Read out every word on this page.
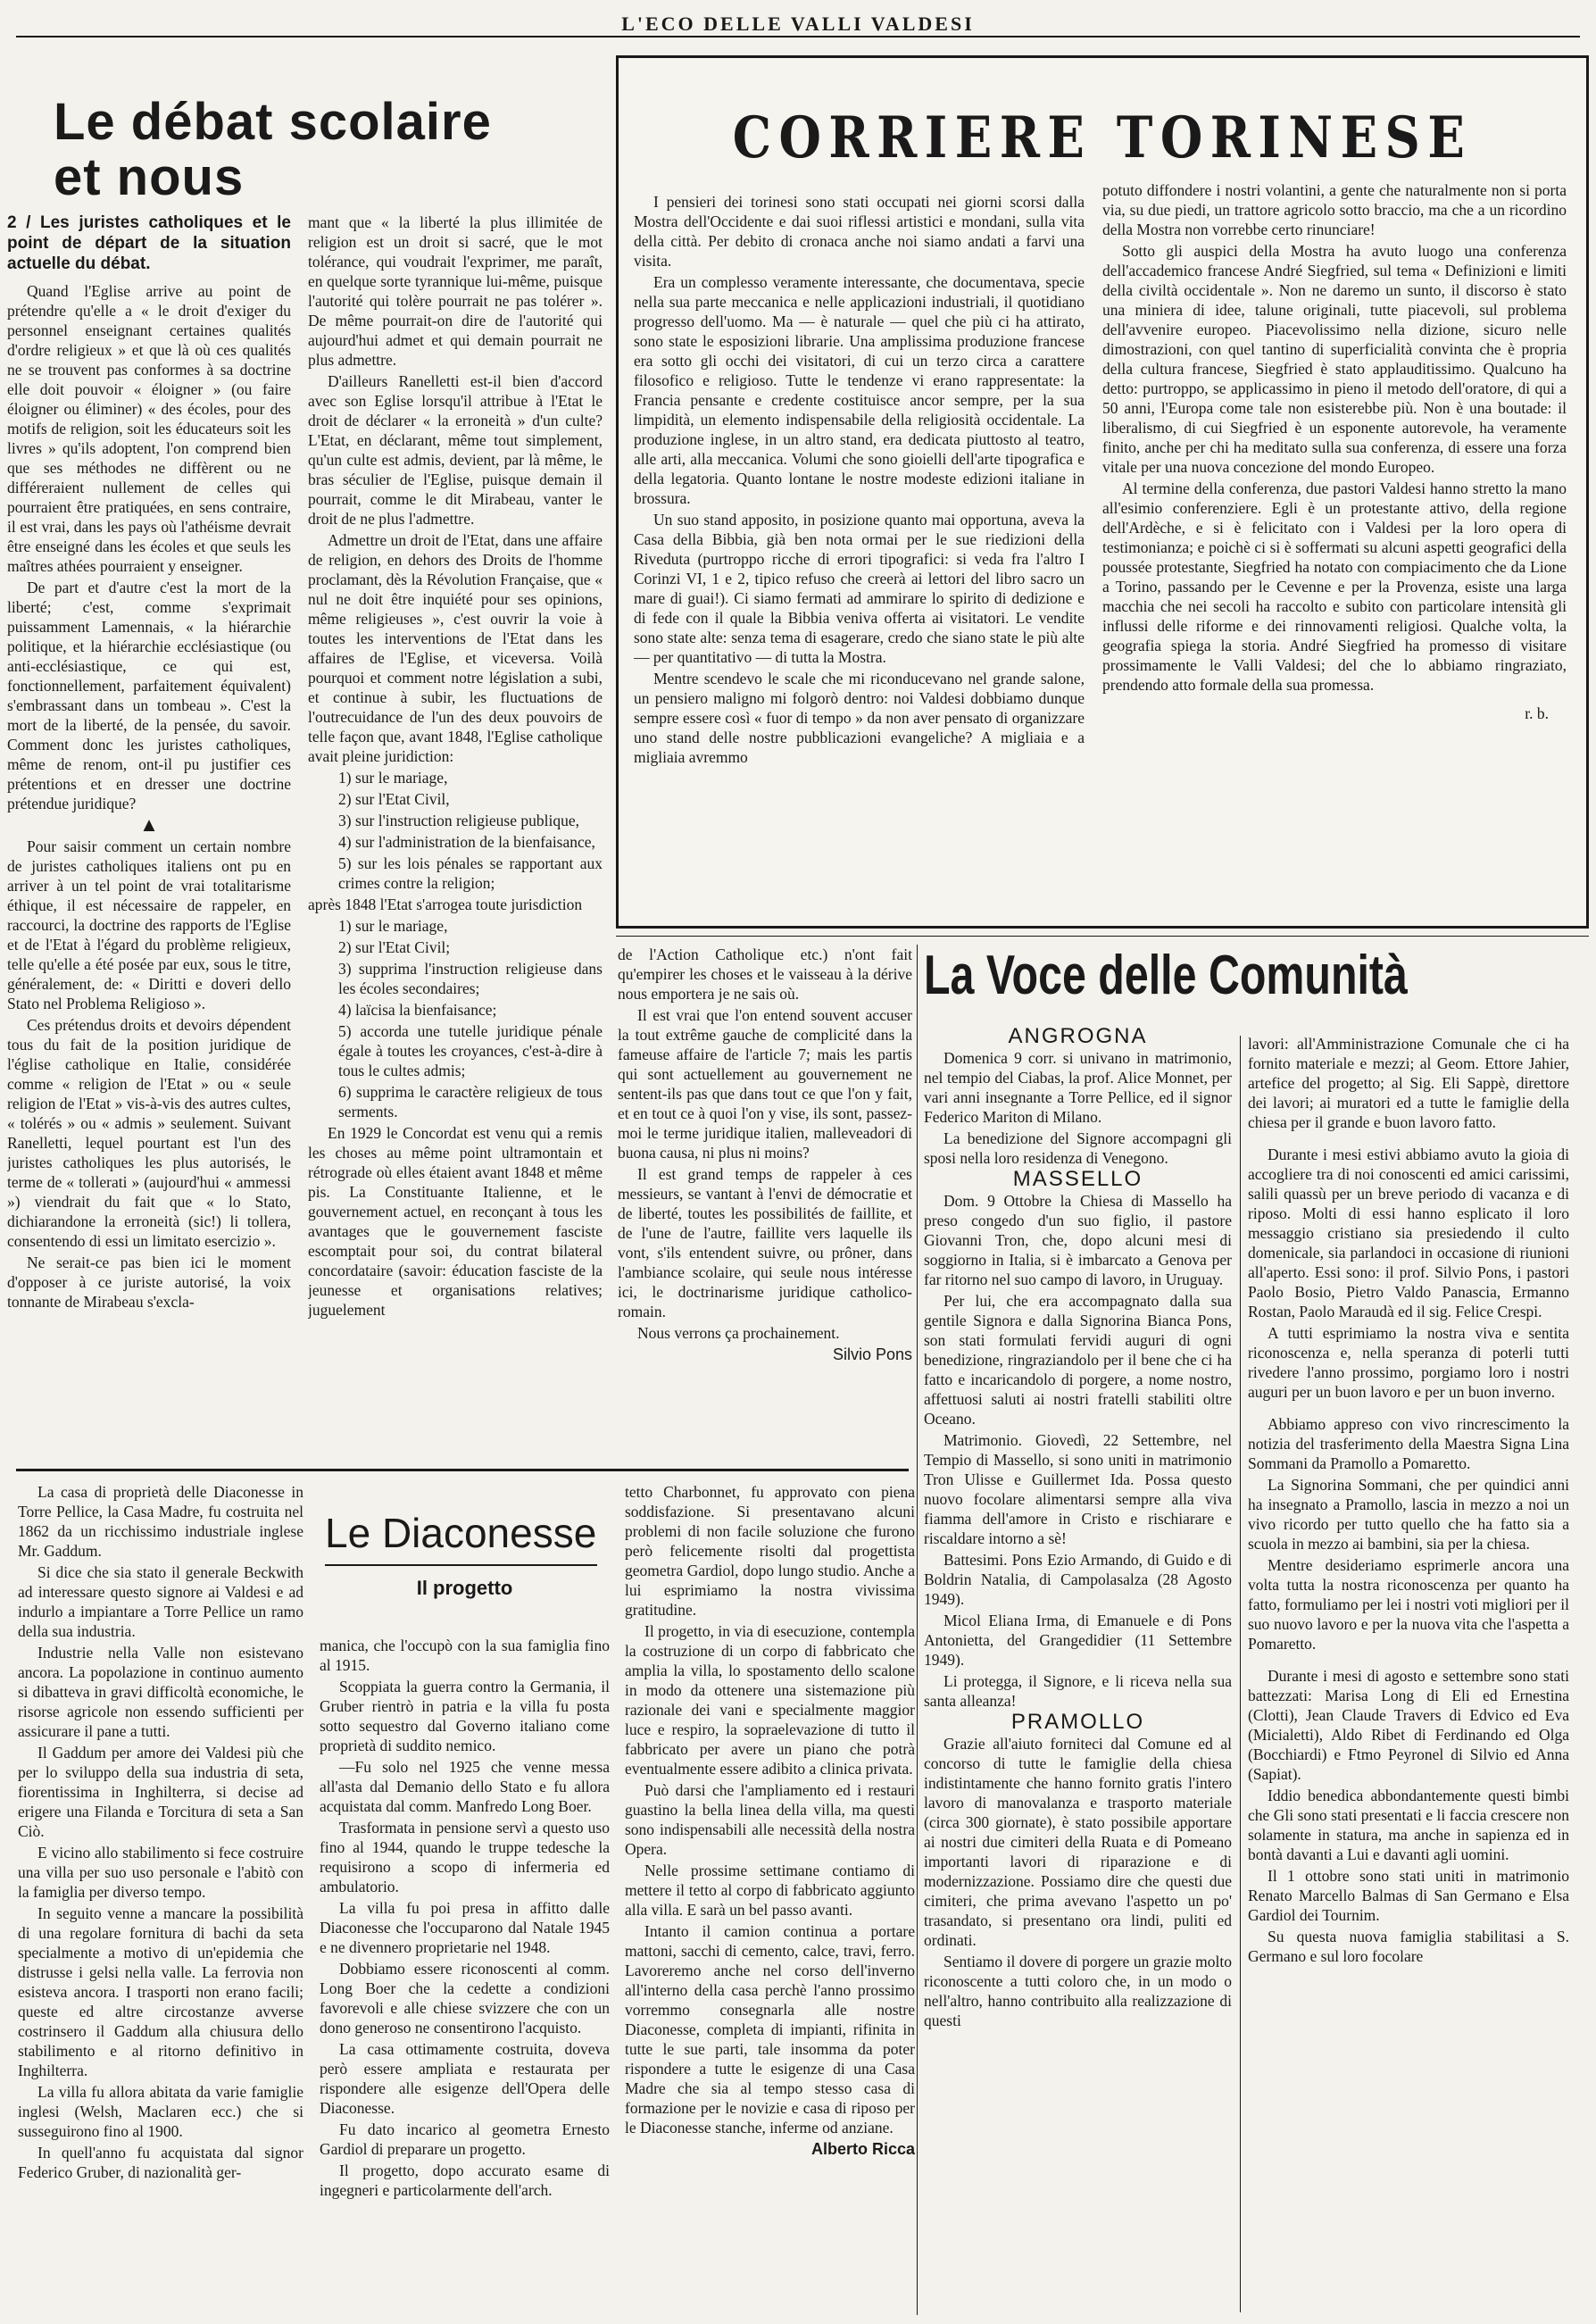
L'ECO DELLE VALLI VALDESI
Le débat scolaire
et nous

2 / Les juristes catholiques et le point de départ de la situation actuelle du débat.

Quand l'Eglise arrive au point de prétendre qu'elle a « le droit d'exiger du personnel enseignant certaines qualités d'ordre religieux » et que là où ces qualités ne se trouvent pas conformes à sa doctrine elle doit pouvoir « éloigner » (ou faire éloigner ou éliminer) « des écoles, pour des motifs de religion, soit les éducateurs soit les livres » qu'ils adoptent, l'on comprend bien que ses méthodes ne diffèrent ou ne différeraient nullement de celles qui pourraient être pratiquées, en sens contraire, il est vrai, dans les pays où l'athéisme devrait être enseigné dans les écoles et que seuls les maîtres athées pourraient y enseigner.

De part et d'autre c'est la mort de la liberté; c'est, comme s'exprimait puissamment Lamennais, « la hiérarchie politique, et la hiérarchie ecclésiastique (ou anti-ecclésiastique, ce qui est, fonctionnellement, parfaitement équivalent) s'embrassant dans un tombeau ». C'est la mort de la liberté, de la pensée, du savoir. Comment donc les juristes catholiques, même de renom, ont-il pu justifier ces prétentions et en dresser une doctrine prétendue juridique?

▲

Pour saisir comment un certain nombre de juristes catholiques italiens ont pu en arriver à un tel point de vrai totalitarisme éthique, il est nécessaire de rappeler, en raccourci, la doctrine des rapports de l'Eglise et de l'Etat à l'égard du problème religieux, telle qu'elle a été posée par eux, sous le titre, généralement, de: « Diritti e doveri dello Stato nel Problema Religioso ».

Ces prétendus droits et devoirs dépendent tous du fait de la position juridique de l'église catholique en Italie, considérée comme « religion de l'Etat » ou « seule religion de l'Etat » vis-à-vis des autres cultes, « tolérés » ou « admis » seulement. Suivant Ranelletti, lequel pourtant est l'un des juristes catholiques les plus autorisés, le terme de « tollerati » (aujourd'hui « ammessi ») viendrait du fait que « lo Stato, dichiarandone la erroneità (sic!) li tollera, consentendo di essi un limitato esercizio ».

Ne serait-ce pas bien ici le moment d'opposer à ce juriste autorisé, la voix tonnante de Mirabeau s'excla-

mant que « la liberté la plus illimitée de religion est un droit si sacré, que le mot tolérance, qui voudrait l'exprimer, me paraît, en quelque sorte tyrannique lui-même, puisque l'autorité qui tolère pourrait ne pas tolérer ». De même pourrait-on dire de l'autorité qui aujourd'hui admet et qui demain pourrait ne plus admettre.

D'ailleurs Ranelletti est-il bien d'accord avec son Eglise lorsqu'il attribue à l'Etat le droit de déclarer « la erroneità » d'un culte? L'Etat, en déclarant, même tout simplement, qu'un culte est admis, devient, par là même, le bras séculier de l'Eglise, puisque demain il pourrait, comme le dit Mirabeau, vanter le droit de ne plus l'admettre.

Admettre un droit de l'Etat, dans une affaire de religion, en dehors des Droits de l'homme proclamant, dès la Révolution Française, que « nul ne doit être inquiété pour ses opinions, même religieuses », c'est ouvrir la voie à toutes les interventions de l'Etat dans les affaires de l'Eglise, et viceversa. Voilà pourquoi et comment notre législation a subi, et continue à subir, les fluctuations de l'outrecuidance de l'un des deux pouvoirs de telle façon que, avant 1848, l'Eglise catholique avait pleine juridiction:

1) sur le mariage,

2) sur l'Etat Civil,

3) sur l'instruction religieuse publique,

4) sur l'administration de la bienfaisance,

5) sur les lois pénales se rapportant aux crimes contre la religion;

après 1848 l'Etat s'arrogea toute jurisdiction

1) sur le mariage,

2) sur l'Etat Civil;

3) supprima l'instruction religieuse dans les écoles secondaires;

4) laïcisa la bienfaisance;

5) accorda une tutelle juridique pénale égale à toutes les croyances, c'est-à-dire à tous le cultes admis;

6) supprima le caractère religieux de tous serments.

En 1929 le Concordat est venu qui a remis les choses au même point ultramontain et rétrograde où elles étaient avant 1848 et même pis. La Constituante Italienne, et le gouvernement actuel, en reconçant à tous les avantages que le gouvernement fasciste escomptait pour soi, du contrat bilateral concordataire (savoir: éducation fasciste de la jeunesse et organisations relatives; juguelement

de l'Action Catholique etc.) n'ont fait qu'empirer les choses et le vaisseau à la dérive nous emportera je ne sais où.

Il est vrai que l'on entend souvent accuser la tout extrême gauche de complicité dans la fameuse affaire de l'article 7; mais les partis qui sont actuellement au gouvernement ne sentent-ils pas que dans tout ce que l'on y fait, et en tout ce à quoi l'on y vise, ils sont, passez-moi le terme juridique italien, malleveadori di buona causa, ni plus ni moins?

Il est grand temps de rappeler à ces messieurs, se vantant à l'envi de démocratie et de liberté, toutes les possibilités de faillite, et de l'une de l'autre, faillite vers laquelle ils vont, s'ils entendent suivre, ou prôner, dans l'ambiance scolaire, qui seule nous intéresse ici, le doctrinarisme juridique catholico-romain.

Nous verrons ça prochainement.

Silvio Pons

CORRIERE TORINESE

I pensieri dei torinesi sono stati occupati nei giorni scorsi dalla Mostra dell'Occidente e dai suoi riflessi artistici e mondani, sulla vita della città. Per debito di cronaca anche noi siamo andati a farvi una visita.

Era un complesso veramente interessante, che documentava, specie nella sua parte meccanica e nelle applicazioni industriali, il quotidiano progresso dell'uomo. Ma — è naturale — quel che più ci ha attirato, sono state le esposizioni librarie. Una amplissima produzione francese era sotto gli occhi dei visitatori, di cui un terzo circa a carattere filosofico e religioso. Tutte le tendenze vi erano rappresentate: la Francia pensante e credente costituisce ancor sempre, per la sua limpidità, un elemento indispensabile della religiosità occidentale. La produzione inglese, in un altro stand, era dedicata piuttosto al teatro, alle arti, alla meccanica. Volumi che sono gioielli dell'arte tipografica e della legatoria. Quanto lontane le nostre modeste edizioni italiane in brossura.

Un suo stand apposito, in posizione quanto mai opportuna, aveva la Casa della Bibbia, già ben nota ormai per le sue riedizioni della Riveduta (purtroppo ricche di errori tipografici: si veda fra l'altro I Corinzi VI, 1 e 2, tipico refuso che creerà ai lettori del libro sacro un mare di guai!). Ci siamo fermati ad ammirare lo spirito di dedizione e di fede con il quale la Bibbia veniva offerta ai visitatori. Le vendite sono state alte: senza tema di esagerare, credo che siano state le più alte — per quantitativo — di tutta la Mostra.

Mentre scendevo le scale che mi riconducevano nel grande salone, un pensiero maligno mi folgorò dentro: noi Valdesi dobbiamo dunque sempre essere così « fuor di tempo » da non aver pensato di organizzare uno stand delle nostre pubblicazioni evangeliche? A migliaia e a migliaia avremmo

potuto diffondere i nostri volantini, a gente che naturalmente non si porta via, su due piedi, un trattore agricolo sotto braccio, ma che a un ricordino della Mostra non vorrebbe certo rinunciare!

Sotto gli auspici della Mostra ha avuto luogo una conferenza dell'accademico francese André Siegfried, sul tema « Definizioni e limiti della civiltà occidentale ». Non ne daremo un sunto, il discorso è stato una miniera di idee, talune originali, tutte piacevoli, sul problema dell'avvenire europeo. Piacevolissimo nella dizione, sicuro nelle dimostrazioni, con quel tantino di superficialità convinta che è propria della cultura francese, Siegfried è stato applauditissimo. Qualcuno ha detto: purtroppo, se applicassimo in pieno il metodo dell'oratore, di qui a 50 anni, l'Europa come tale non esisterebbe più. Non è una boutade: il liberalismo, di cui Siegfried è un esponente autorevole, ha veramente finito, anche per chi ha meditato sulla sua conferenza, di essere una forza vitale per una nuova concezione del mondo Europeo.

Al termine della conferenza, due pastori Valdesi hanno stretto la mano all'esimio conferenziere. Egli è un protestante attivo, della regione dell'Ardèche, e si è felicitato con i Valdesi per la loro opera di testimonianza; e poichè ci si è soffermati su alcuni aspetti geografici della poussée protestante, Siegfried ha notato con compiacimento che da Lione a Torino, passando per le Cevenne e per la Provenza, esiste una larga macchia che nei secoli ha raccolto e subito con particolare intensità gli influssi delle riforme e dei rinnovamenti religiosi. Qualche volta, la geografia spiega la storia. André Siegfried ha promesso di visitare prossimamente le Valli Valdesi; del che lo abbiamo ringraziato, prendendo atto formale della sua promessa.

r. b.

La Voce delle Comunità

ANGROGNA

Domenica 9 corr. si univano in matrimonio, nel tempio del Ciabas, la prof. Alice Monnet, per vari anni insegnante a Torre Pellice, ed il signor Federico Mariton di Milano.

La benedizione del Signore accompagni gli sposi nella loro residenza di Venegono.

MASSELLO

Dom. 9 Ottobre la Chiesa di Massello ha preso congedo d'un suo figlio, il pastore Giovanni Tron, che, dopo alcuni mesi di soggiorno in Italia, si è imbarcato a Genova per far ritorno nel suo campo di lavoro, in Uruguay.

Per lui, che era accompagnato dalla sua gentile Signora e dalla Signorina Bianca Pons, son stati formulati fervidi auguri di ogni benedizione, ringraziandolo per il bene che ci ha fatto e incaricandolo di porgere, a nome nostro, affettuosi saluti ai nostri fratelli stabiliti oltre Oceano.

Matrimonio. Giovedì, 22 Settembre, nel Tempio di Massello, si sono uniti in matrimonio Tron Ulisse e Guillermet Ida. Possa questo nuovo focolare alimentarsi sempre alla viva fiamma dell'amore in Cristo e rischiarare e riscaldare intorno a sè!

Battesimi. Pons Ezio Armando, di Guido e di Boldrin Natalia, di Campolasalza (28 Agosto 1949).

Micol Eliana Irma, di Emanuele e di Pons Antonietta, del Grangedidier (11 Settembre 1949).

Li protegga, il Signore, e li riceva nella sua santa alleanza!

PRAMOLLO

Grazie all'aiuto forniteci dal Comune ed al concorso di tutte le famiglie della chiesa indistintamente che hanno fornito gratis l'intero lavoro di manovalanza e trasporto materiale (circa 300 giornate), è stato possibile apportare ai nostri due cimiteri della Ruata e di Pomeano importanti lavori di riparazione e di modernizzazione. Possiamo dire che questi due cimiteri, che prima avevano l'aspetto un po' trasandato, si presentano ora lindi, puliti ed ordinati.

Sentiamo il dovere di porgere un grazie molto riconoscente a tutti coloro che, in un modo o nell'altro, hanno contribuito alla realizzazione di questi

lavori: all'Amministrazione Comunale che ci ha fornito materiale e mezzi; al Geom. Ettore Jahier, artefice del progetto; al Sig. Eli Sappè, direttore dei lavori; ai muratori ed a tutte le famiglie della chiesa per il grande e buon lavoro fatto.

Durante i mesi estivi abbiamo avuto la gioia di accogliere tra di noi conoscenti ed amici carissimi, salili quassù per un breve periodo di vacanza e di riposo. Molti di essi hanno esplicato il loro messaggio cristiano sia presiedendo il culto domenicale, sia parlandoci in occasione di riunioni all'aperto. Essi sono: il prof. Silvio Pons, i pastori Paolo Bosio, Pietro Valdo Panascia, Ermanno Rostan, Paolo Maraudà ed il sig. Felice Crespi.

A tutti esprimiamo la nostra viva e sentita riconoscenza e, nella speranza di poterli tutti rivedere l'anno prossimo, porgiamo loro i nostri auguri per un buon lavoro e per un buon inverno.

Abbiamo appreso con vivo rincrescimento la notizia del trasferimento della Maestra Signa Lina Sommani da Pramollo a Pomaretto.

La Signorina Sommani, che per quindici anni ha insegnato a Pramollo, lascia in mezzo a noi un vivo ricordo per tutto quello che ha fatto sia a scuola in mezzo ai bambini, sia per la chiesa.

Mentre desideriamo esprimerle ancora una volta tutta la nostra riconoscenza per quanto ha fatto, formuliamo per lei i nostri voti migliori per il suo nuovo lavoro e per la nuova vita che l'aspetta a Pomaretto.

Durante i mesi di agosto e settembre sono stati battezzati: Marisa Long di Eli ed Ernestina (Clotti), Jean Claude Travers di Edvico ed Eva (Micialetti), Aldo Ribet di Ferdinando ed Olga (Bocchiardi) e Ftmo Peyronel di Silvio ed Anna (Sapiat).

Iddio benedica abbondantemente questi bimbi che Gli sono stati presentati e li faccia crescere non solamente in statura, ma anche in sapienza ed in bontà davanti a Lui e davanti agli uomini.

Il 1 ottobre sono stati uniti in matrimonio Renato Marcello Balmas di San Germano e Elsa Gardiol dei Tournim.

Su questa nuova famiglia stabilitasi a S. Germano e sul loro focolare

La casa di proprietà delle Diaconesse in Torre Pellice, la Casa Madre, fu costruita nel 1862 da un ricchissimo industriale inglese Mr. Gaddum.

Si dice che sia stato il generale Beckwith ad interessare questo signore ai Valdesi e ad indurlo a impiantare a Torre Pellice un ramo della sua industria.

Industrie nella Valle non esistevano ancora. La popolazione in continuo aumento si dibatteva in gravi difficoltà economiche, le risorse agricole non essendo sufficienti per assicurare il pane a tutti.

Il Gaddum per amore dei Valdesi più che per lo sviluppo della sua industria di seta, fiorentissima in Inghilterra, si decise ad erigere una Filanda e Torcitura di seta a San Ciò.

E vicino allo stabilimento si fece costruire una villa per suo uso personale e l'abitò con la famiglia per diverso tempo.

In seguito venne a mancare la possibilità di una regolare fornitura di bachi da seta specialmente a motivo di un'epidemia che distrusse i gelsi nella valle. La ferrovia non esisteva ancora. I trasporti non erano facili; queste ed altre circostanze avverse costrinsero il Gaddum alla chiusura dello stabilimento e al ritorno definitivo in Inghilterra.

La villa fu allora abitata da varie famiglie inglesi (Welsh, Maclaren ecc.) che si susseguirono fino al 1900.

In quell'anno fu acquistata dal signor Federico Gruber, di nazionalità ger-

Le Diaconesse
Il progetto

manica, che l'occupò con la sua famiglia fino al 1915.

Scoppiata la guerra contro la Germania, il Gruber rientrò in patria e la villa fu posta sotto sequestro dal Governo italiano come proprietà di suddito nemico.

—Fu solo nel 1925 che venne messa all'asta dal Demanio dello Stato e fu allora acquistata dal comm. Manfredo Long Boer.

Trasformata in pensione servì a questo uso fino al 1944, quando le truppe tedesche la requisirono a scopo di infermeria ed ambulatorio.

La villa fu poi presa in affitto dalle Diaconesse che l'occuparono dal Natale 1945 e ne divennero proprietarie nel 1948.

Dobbiamo essere riconoscenti al comm. Long Boer che la cedette a condizioni favorevoli e alle chiese svizzere che con un dono generoso ne consentirono l'acquisto.

La casa ottimamente costruita, doveva però essere ampliata e restaurata per rispondere alle esigenze dell'Opera delle Diaconesse.

Fu dato incarico al geometra Ernesto Gardiol di preparare un progetto.

Il progetto, dopo accurato esame di ingegneri e particolarmente dell'arch.

tetto Charbonnet, fu approvato con piena soddisfazione. Si presentavano alcuni problemi di non facile soluzione che furono però felicemente risolti dal progettista geometra Gardiol, dopo lungo studio. Anche a lui esprimiamo la nostra vivissima gratitudine.

Il progetto, in via di esecuzione, contempla la costruzione di un corpo di fabbricato che amplia la villa, lo spostamento dello scalone in modo da ottenere una sistemazione più razionale dei vani e specialmente maggior luce e respiro, la sopraelevazione di tutto il fabbricato per avere un piano che potrà eventualmente essere adibito a clinica privata.

Può darsi che l'ampliamento ed i restauri guastino la bella linea della villa, ma questi sono indispensabili alle necessità della nostra Opera.

Nelle prossime settimane contiamo di mettere il tetto al corpo di fabbricato aggiunto alla villa. E sarà un bel passo avanti.

Intanto il camion continua a portare mattoni, sacchi di cemento, calce, travi, ferro. Lavoreremo anche nel corso dell'inverno all'interno della casa perchè l'anno prossimo vorremmo consegnarla alle nostre Diaconesse, completa di impianti, rifinita in tutte le sue parti, tale insomma da poter rispondere a tutte le esigenze di una Casa Madre che sia al tempo stesso casa di formazione per le novizie e casa di riposo per le Diaconesse stanche, inferme od anziane.

Alberto Ricca
